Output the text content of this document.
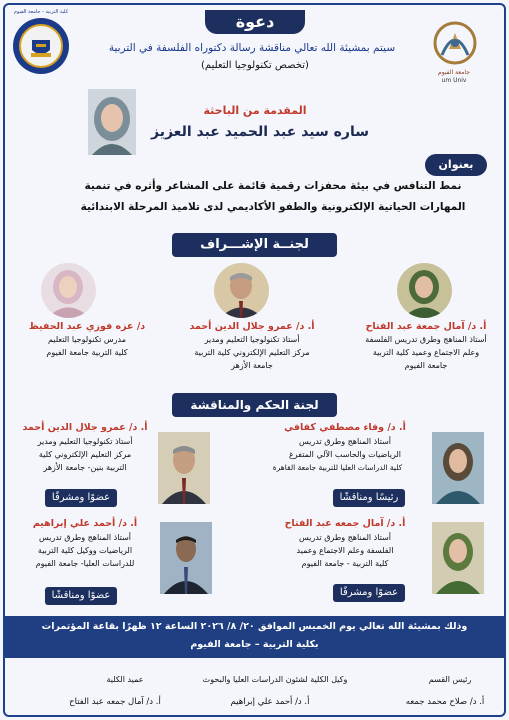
كلية التربية - جامعة الفيوم
جامعة الفيوم
um Univ
دعوة
سيتم بمشيئة الله تعالي مناقشة رسالة دكتوراه الفلسفة في التربية
(تخصص تكنولوجيا التعليم)
المقدمة من الباحثة
ساره سيد عبد الحميد عبد العزيز
بعنوان
نمط التنافس في بيئة محفزات رقمية قائمة على المشاعر وأثره في تنمية
المهارات الحياتية الإلكترونية والطفو الأكاديمي لدى تلاميذ المرحلة الابتدائية
لجنــة الإشـــراف
أ. د/ آمال جمعة عبد الفتاح
أستاذ المناهج وطرق تدريس الفلسفة
وعلم الاجتماع وعميد كلية التربية
جامعة الفيوم
أ. د/ عمرو جلال الدين أحمد
أستاذ تكنولوجيا التعليم ومدير
مركز التعليم الإلكتروني كلية التربية
جامعة الأزهر
د/ عزه فوزي عبد الحفيظ
مدرس تكنولوجيا التعليم
كلية التربية جامعة الفيوم
لجنة الحكم والمناقشة
أ. د/ وفاء مصطفي كفافي
أستاذ المناهج وطرق تدريس
الرياضيات والحاسب الآلي المتفرغ
كلية الدراسات العليا للتربية جامعة القاهرة
رئيسًا ومناقشًا
أ. د/ عمرو جلال الدين أحمد
أستاذ تكنولوجيا التعليم ومدير
مركز التعليم الإلكتروني كلية
التربية بنين- جامعة الأزهر
عضوًا ومشرفًا
أ. د/ آمال جمعه عبد الفتاح
أستاذ المناهج وطرق تدريس
الفلسفة وعلم الاجتماع وعميد
كلية التربية - جامعة الفيوم
عضوًا ومشرفًا
أ. د/ أحمد علي إبراهيم
أستاذ المناهج وطرق تدريس
الرياضيات ووكيل كلية التربية
للدراسات العليا- جامعة الفيوم
عضوًا ومناقشًا
وذلك بمشيئة الله تعالي يوم الخميس الموافق ٢٠/ ٨/ ٢٠٢٦ الساعة ١٢ ظهرًا بقاعة المؤتمرات
بكلية التربية – جامعة الفيوم
رئيس القسم
أ. د/ صلاح محمد جمعه
وكيل الكلية لشئون الدراسات العليا والبحوث
أ. د/ أحمد علي إبراهيم
عميد الكلية
أ. د/ آمال جمعه عبد الفتاح
